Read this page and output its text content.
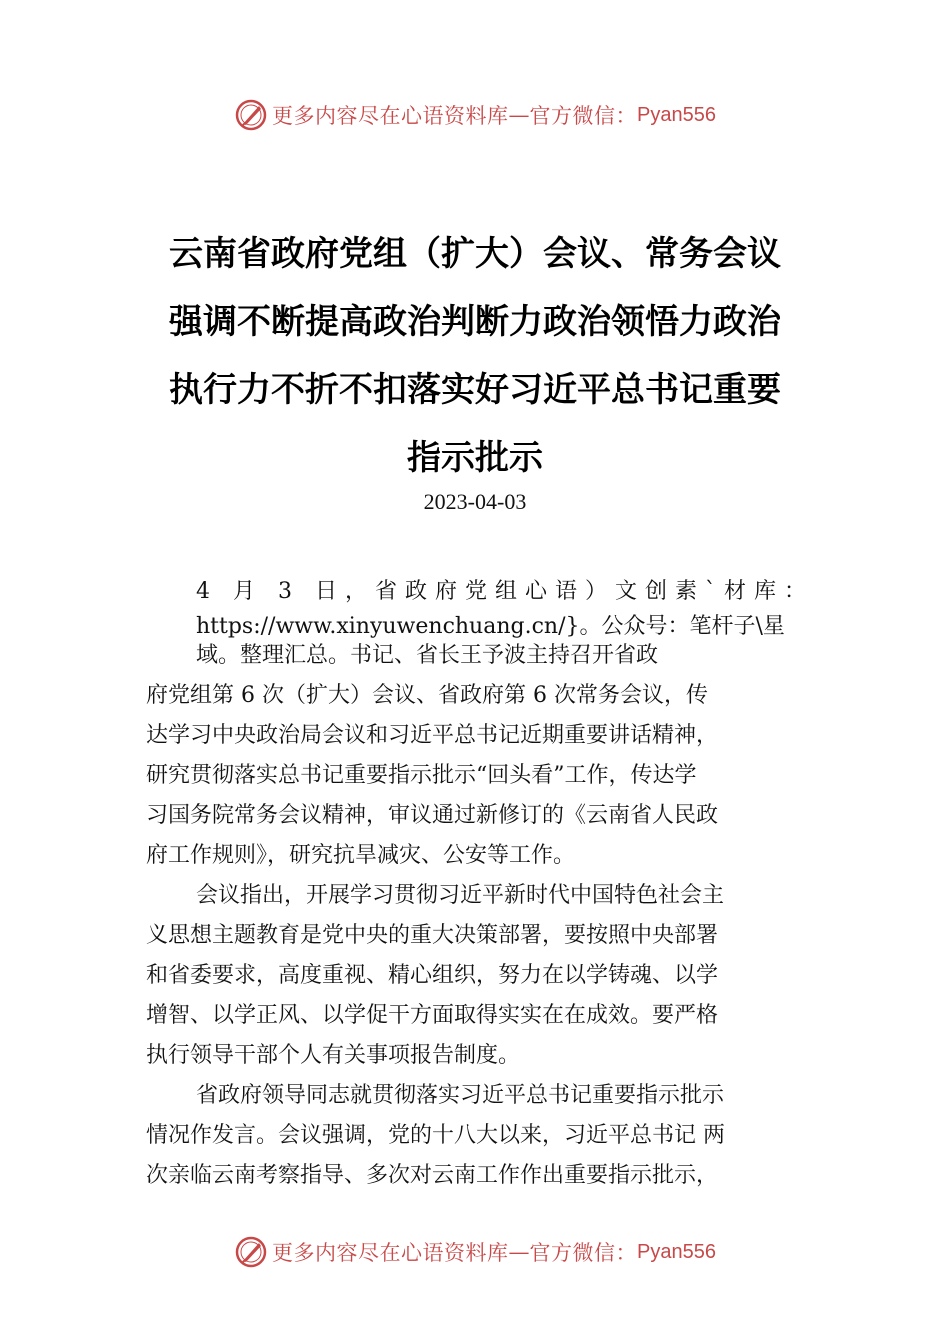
更多内容尽在心语资料库 — 官方微信： Pyan556
云南省政府党组（扩大）会议、常务会议
强调不断提高政治判断力政治领悟力政治
执行力不折不扣落实好习近平总书记重要
指示批示
2023-04-03
4 月 3 日，省政府党组心语）文创素`材库：
https://www.xinyuwenchuang.cn/}。公众号：笔杆子\星
域。整理汇总。书记、省长王予波主持召开省政
府党组第 6 次（扩大）会议、省政府第 6 次常务会议，传
达学习中央政治局会议和习近平总书记近期重要讲话精神，
研究贯彻落实总书记重要指示批示“回头看”工作，传达学
习国务院常务会议精神，审议通过新修订的《云南省人民政
府工作规则》，研究抗旱减灾、公安等工作。
会议指出，开展学习贯彻习近平新时代中国特色社会主
义思想主题教育是党中央的重大决策部署，要按照中央部署
和省委要求，高度重视、精心组织，努力在以学铸魂、以学
增智、以学正风、以学促干方面取得实实在在成效。要严格
执行领导干部个人有关事项报告制度。
省政府领导同志就贯彻落实习近平总书记重要指示批示
情况作发言。会议强调，党的十八大以来，习近平总书记 两
次亲临云南考察指导、多次对云南工作作出重要指示批示，
更多内容尽在心语资料库 — 官方微信： Pyan556
